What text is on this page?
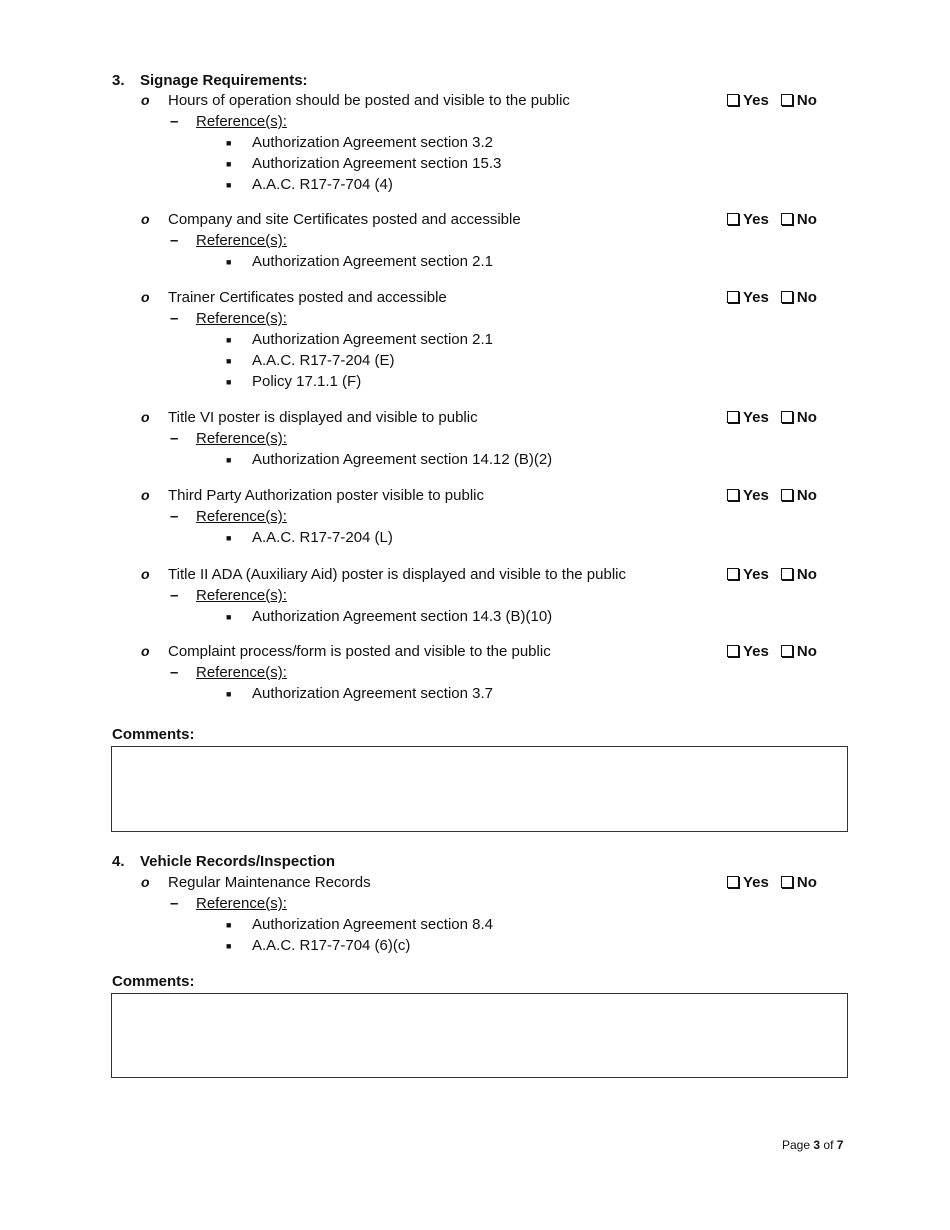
3. Signage Requirements:
o Hours of operation should be posted and visible to the public	Yes No
– Reference(s):
■ Authorization Agreement section 3.2
■ Authorization Agreement section 15.3
■ A.A.C. R17-7-704 (4)
o Company and site Certificates posted and accessible	Yes No
– Reference(s):
■ Authorization Agreement section 2.1
o Trainer Certificates posted and accessible	Yes No
– Reference(s):
■ Authorization Agreement section 2.1
■ A.A.C. R17-7-204 (E)
■ Policy 17.1.1 (F)
o Title VI poster is displayed and visible to public	Yes No
– Reference(s):
■ Authorization Agreement section 14.12 (B)(2)
o Third Party Authorization poster visible to public	Yes No
– Reference(s):
■ A.A.C. R17-7-204 (L)
o Title II ADA (Auxiliary Aid) poster is displayed and visible to the public	Yes No
– Reference(s):
■ Authorization Agreement section 14.3 (B)(10)
o Complaint process/form is posted and visible to the public	Yes No
– Reference(s):
■ Authorization Agreement section 3.7
Comments:
4. Vehicle Records/Inspection
o Regular Maintenance Records	Yes No
– Reference(s):
■ Authorization Agreement section 8.4
■ A.A.C. R17-7-704 (6)(c)
Comments:
Page 3 of 7
